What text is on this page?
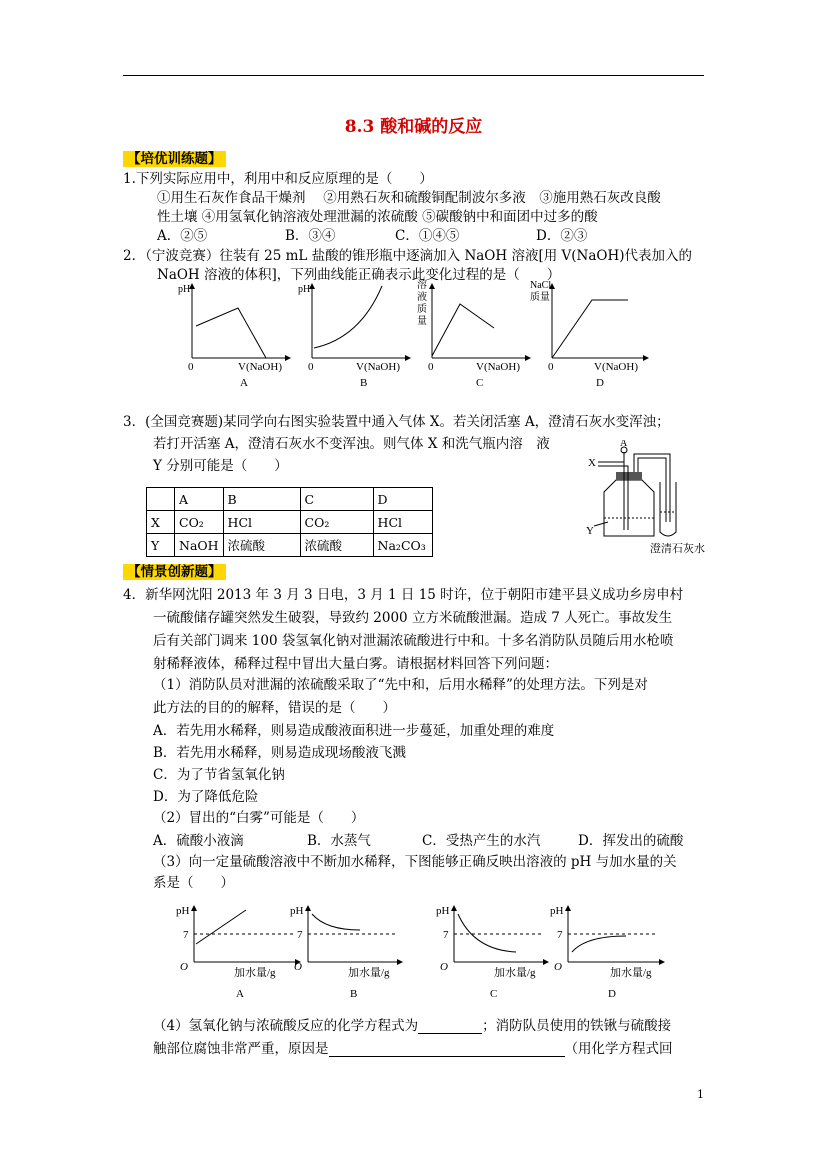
8.3 酸和碱的反应
【培优训练题】
1.下列实际应用中，利用中和反应原理的是（　　）
①用生石灰作食品干燥剂　 ②用熟石灰和硫酸铜配制波尔多液　③施用熟石灰改良酸
性土壤 ④用氢氧化钠溶液处理泄漏的浓硫酸 ⑤碳酸钠中和面团中过多的酸
A．②⑤	B．③④	C．①④⑤	D．②③
2．（宁波竞赛）往装有 25 mL 盐酸的锥形瓶中逐滴加入 NaOH 溶液[用 V(NaOH)代表加入的
NaOH 溶液的体积]，下列曲线能正确表示此变化过程的是（　　）
pH
0	V(NaOH)
A
pH
0	V(NaOH)
B
溶
液
质
量
0	V(NaOH)
C
NaCl
质量
0	V(NaOH)
D
3．(全国竞赛题)某同学向右图实验装置中通入气体 X。若关闭活塞 A，澄清石灰水变浑浊；
若打开活塞 A，澄清石灰水不变浑浊。则气体 X 和洗气瓶内溶　液
Y 分别可能是（　　）
	A	B	C	D
X	CO₂	HCl	CO₂	HCl
Y	NaOH	浓硫酸	浓硫酸	Na₂CO₃
X
A
Y
澄清石灰水
【情景创新题】
4．新华网沈阳 2013 年 3 月 3 日电，3 月 1 日 15 时许，位于朝阳市建平县义成功乡房申村
一硫酸储存罐突然发生破裂，导致约 2000 立方米硫酸泄漏。造成 7 人死亡。事故发生
后有关部门调来 100 袋氢氧化钠对泄漏浓硫酸进行中和。十多名消防队员随后用水枪喷
射稀释液体，稀释过程中冒出大量白雾。请根据材料回答下列问题：
（1）消防队员对泄漏的浓硫酸采取了“先中和，后用水稀释”的处理方法。下列是对
此方法的目的的解释，错误的是（　　）
A．若先用水稀释，则易造成酸液面积进一步蔓延，加重处理的难度
B．若先用水稀释，则易造成现场酸液飞溅
C．为了节省氢氧化钠
D．为了降低危险
（2）冒出的“白雾”可能是（　　）
A．硫酸小液滴	B．水蒸气	C．受热产生的水汽	D．挥发出的硫酸
（3）向一定量硫酸溶液中不断加水稀释，下图能够正确反映出溶液的 pH 与加水量的关
系是（　　）
pH
7
O	加水量/g
A
pH
7
O	加水量/g
B
pH
7
O	加水量/g
C
pH
7
O	加水量/g
D
（4）氢氧化钠与浓硫酸反应的化学方程式为	；消防队员使用的铁锹与硫酸接
触部位腐蚀非常严重，原因是	（用化学方程式回
1
